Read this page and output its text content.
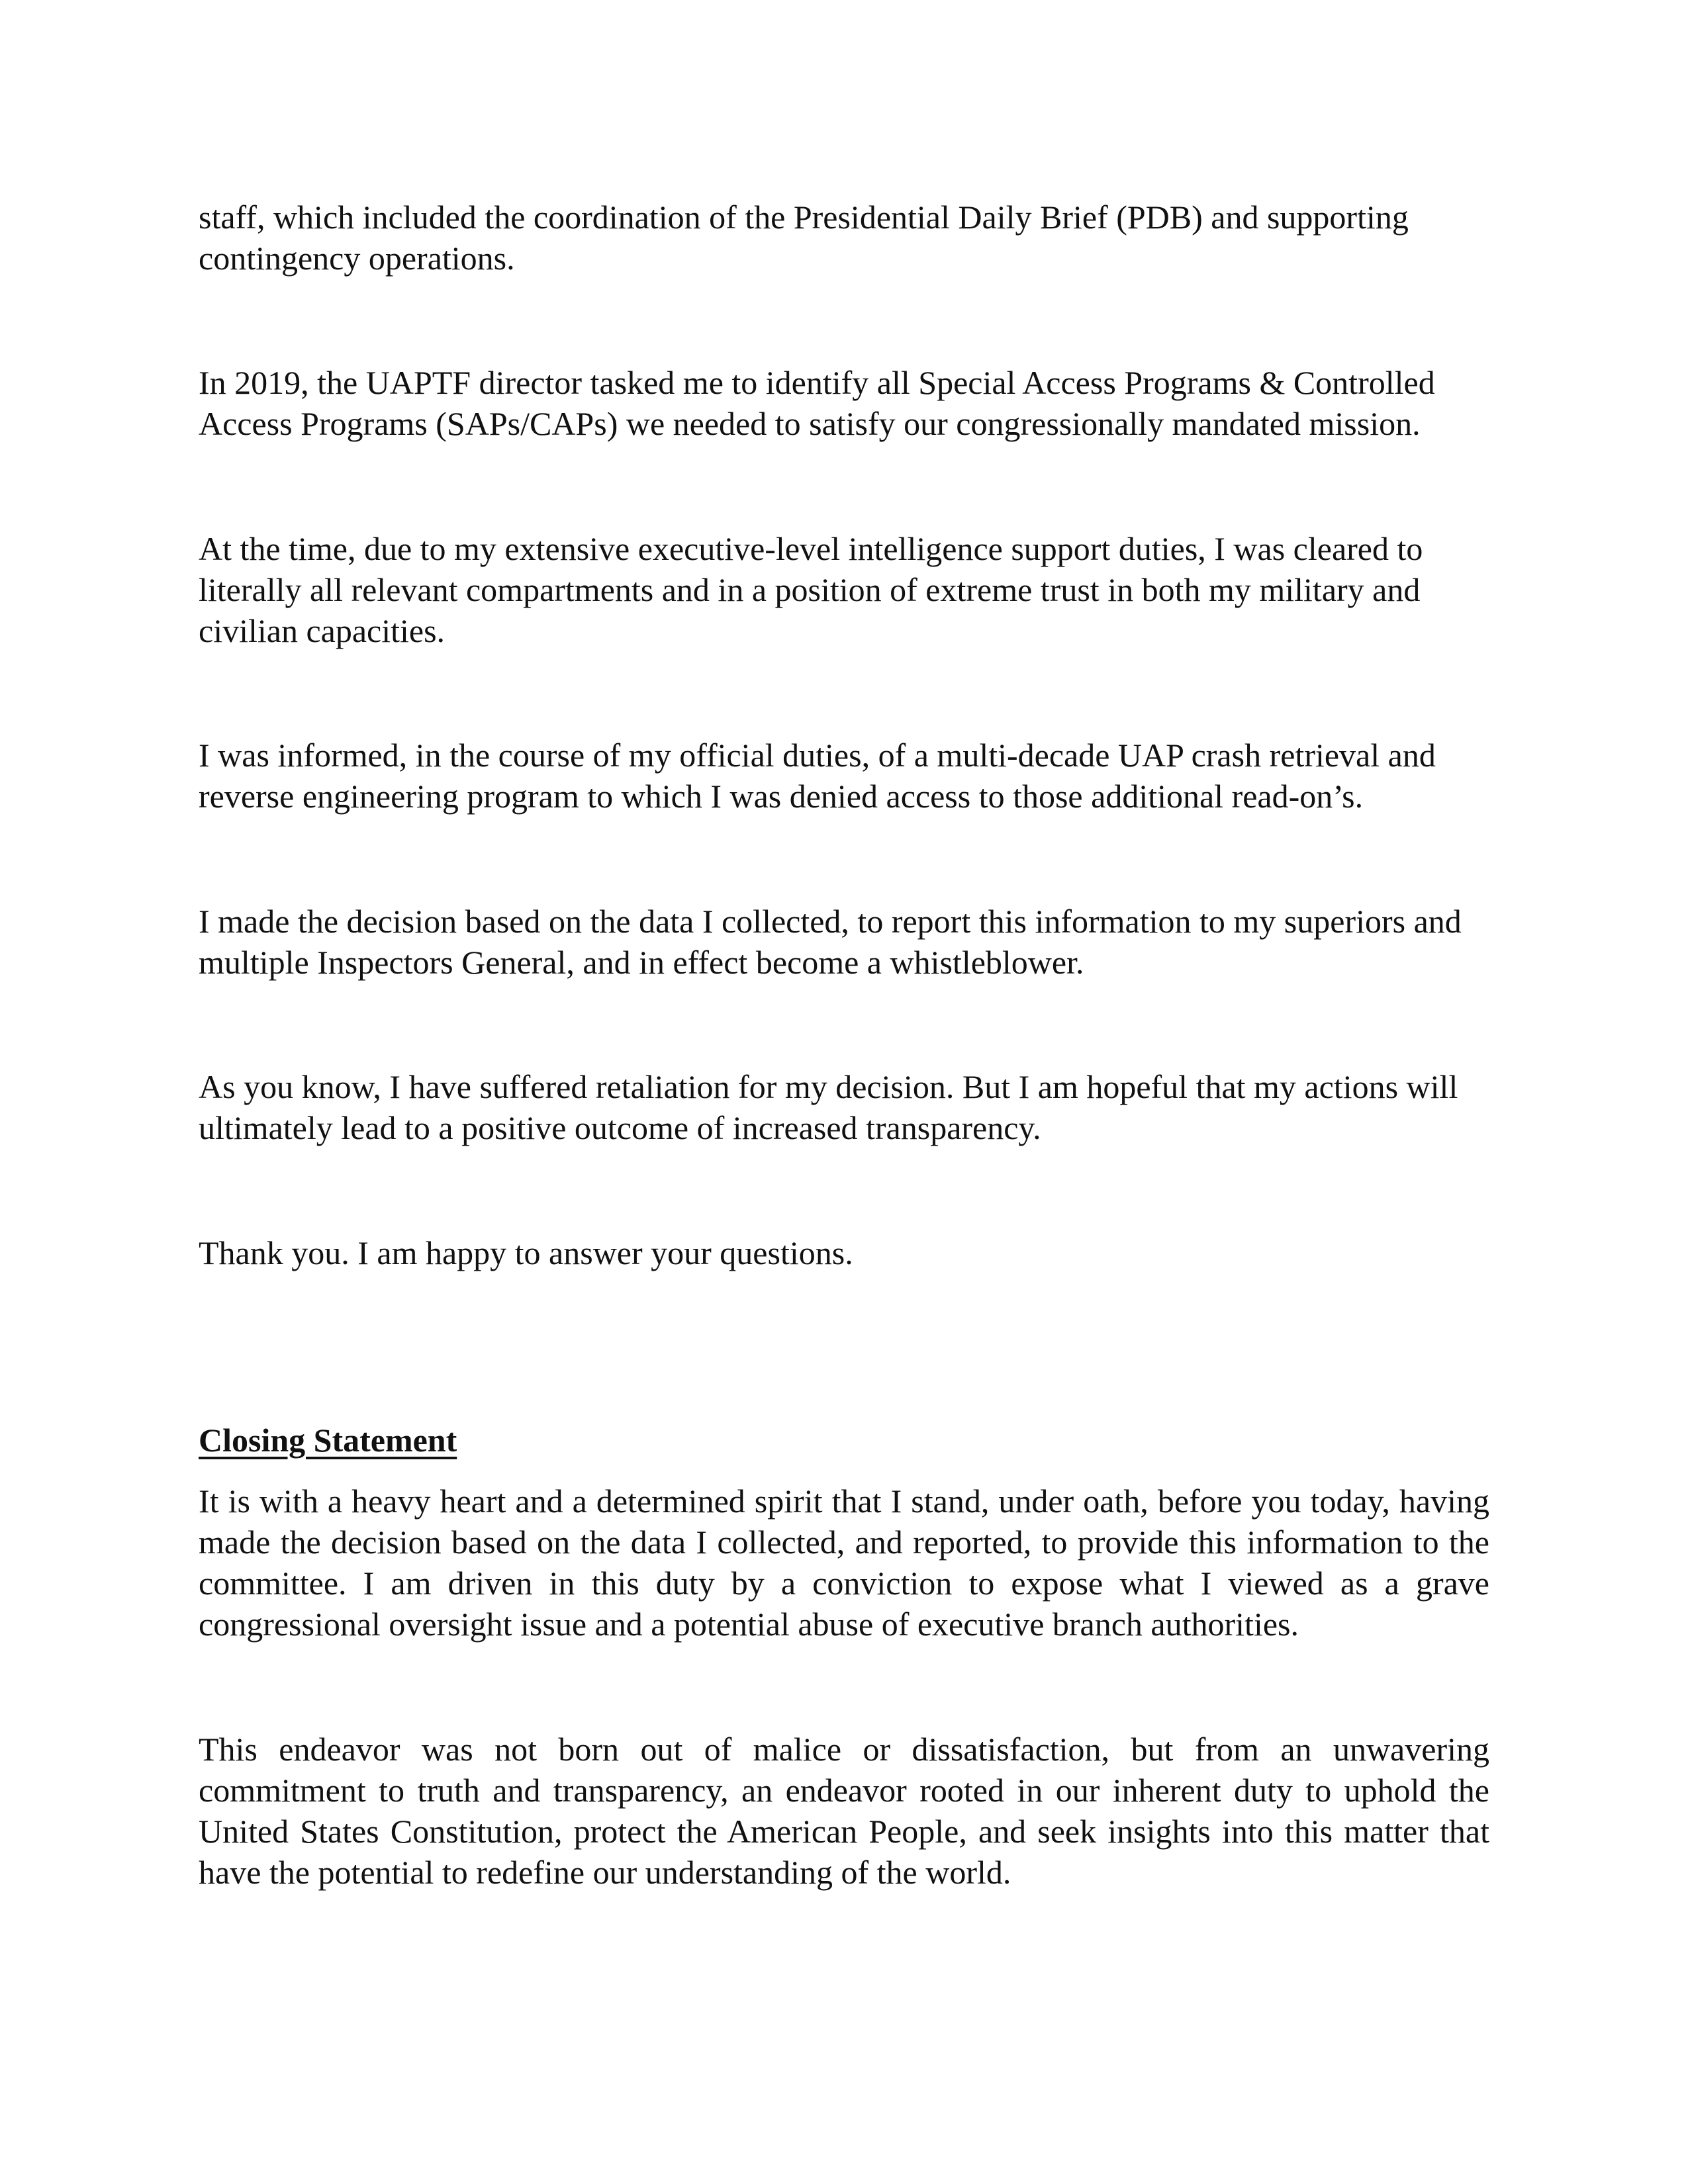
staff, which included the coordination of the Presidential Daily Brief (PDB) and supporting contingency operations.

In 2019, the UAPTF director tasked me to identify all Special Access Programs & Controlled Access Programs (SAPs/CAPs) we needed to satisfy our congressionally mandated mission.

At the time, due to my extensive executive-level intelligence support duties, I was cleared to literally all relevant compartments and in a position of extreme trust in both my military and civilian capacities.

I was informed, in the course of my official duties, of a multi-decade UAP crash retrieval and reverse engineering program to which I was denied access to those additional read-on’s.

I made the decision based on the data I collected, to report this information to my superiors and multiple Inspectors General, and in effect become a whistleblower.

As you know, I have suffered retaliation for my decision. But I am hopeful that my actions will ultimately lead to a positive outcome of increased transparency.

Thank you. I am happy to answer your questions.

Closing Statement

It is with a heavy heart and a determined spirit that I stand, under oath, before you today, having made the decision based on the data I collected, and reported, to provide this information to the committee. I am driven in this duty by a conviction to expose what I viewed as a grave congressional oversight issue and a potential abuse of executive branch authorities.

This endeavor was not born out of malice or dissatisfaction, but from an unwavering commitment to truth and transparency, an endeavor rooted in our inherent duty to uphold the United States Constitution, protect the American People, and seek insights into this matter that have the potential to redefine our understanding of the world.
